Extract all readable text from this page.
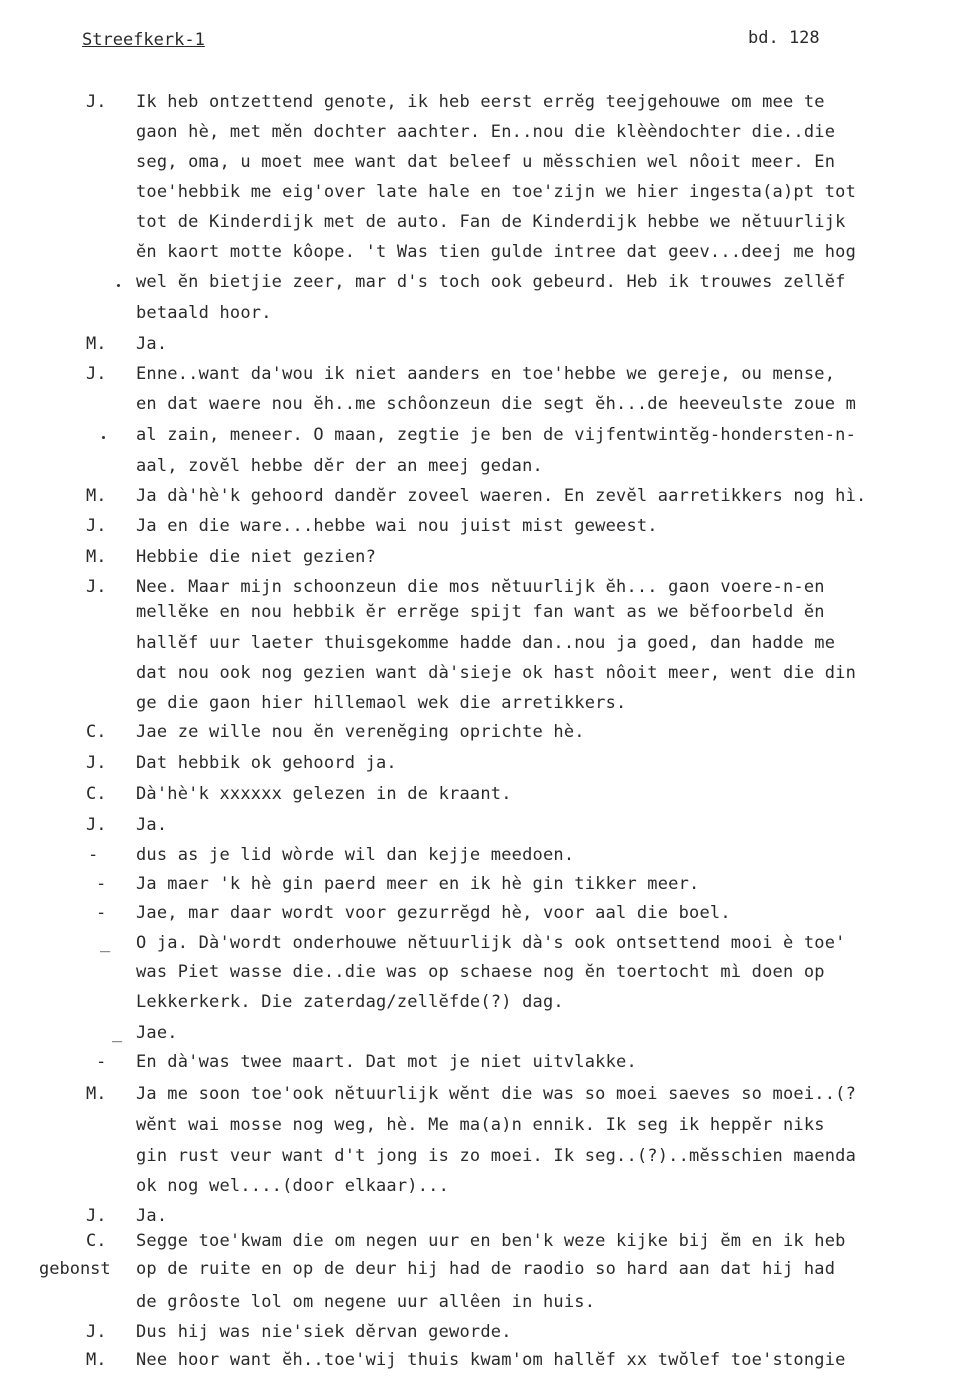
Streefkerk-1	bd. 128
J.
M.
J.
M.
J.
M.
J.
C.
J.
C.
J.
-
-
-
_
_
-
M.
J.
C.
gebonst
J.
M.
Ik heb ontzettend genote, ik heb eerst errĕg teejgehouwe om mee te
gaon hè, met mĕn dochter aachter. En..nou die klèèndochter die..die
seg, oma, u moet mee want dat beleef u mĕsschien wel nôoit meer. En
toe'hebbik me eig'over late hale en toe'zijn we hier ingesta(a)pt tot
tot de Kinderdijk met de auto. Fan de Kinderdijk hebbe we nĕtuurlijk
ĕn kaort motte kôope. 't Was tien gulde intree dat geev...deej me hog
wel ĕn bietjie zeer, mar d's toch ook gebeurd. Heb ik trouwes zellĕf
betaald hoor.
Ja.
Enne..want da'wou ik niet aanders en toe'hebbe we gereje, ou mense,
en dat waere nou ĕh..me schôonzeun die segt ĕh...de heeveulste zoue m
al zain, meneer. O maan, zegtie je ben de vijfentwintĕg-hondersten-n-
aal, zovĕl hebbe dĕr der an meej gedan.
Ja dà'hè'k gehoord dandĕr zoveel waeren. En zevĕl aarretikkers nog hì.
Ja en die ware...hebbe wai nou juist mist geweest.
Hebbie die niet gezien?
Nee. Maar mijn schoonzeun die mos nĕtuurlijk ĕh... gaon voere-n-en
mellĕke en nou hebbik ĕr errĕge spijt fan want as we bĕfoorbeld ĕn
hallĕf uur laeter thuisgekomme hadde dan..nou ja goed, dan hadde me
dat nou ook nog gezien want dà'sieje ok hast nôoit meer, went die din
ge die gaon hier hillemaol wek die arretikkers.
Jae ze wille nou ĕn verenĕging oprichte hè.
Dat hebbik ok gehoord ja.
Dà'hè'k xxxxxx gelezen in de kraant.
Ja.
dus as je lid wòrde wil dan kejje meedoen.
Ja maer 'k hè gin paerd meer en ik hè gin tikker meer.
Jae, mar daar wordt voor gezurrĕgd hè, voor aal die boel.
O ja. Dà'wordt onderhouwe nĕtuurlijk dà's ook ontsettend mooi è toe'
was Piet wasse die..die was op schaese nog ĕn toertocht mì doen op
Lekkerkerk. Die zaterdag/zellĕfde(?) dag.
Jae.
En dà'was twee maart. Dat mot je niet uitvlakke.
Ja me soon toe'ook nĕtuurlijk wĕnt die was so moei saeves so moei..(?
wĕnt wai mosse nog weg, hè. Me ma(a)n ennik. Ik seg ik heppĕr niks
gin rust veur want d't jong is zo moei. Ik seg..(?)..mĕsschien maenda
ok nog wel....(door elkaar)...
Ja.
Segge toe'kwam die om negen uur en ben'k weze kijke bij ĕm en ik heb
op de ruite en op de deur hij had de raodio so hard aan dat hij had
de grôoste lol om negene uur allêen in huis.
Dus hij was nie'siek dĕrvan geworde.
Nee hoor want ĕh..toe'wij thuis kwam'om hallĕf xx twŏlef toe'stongie
